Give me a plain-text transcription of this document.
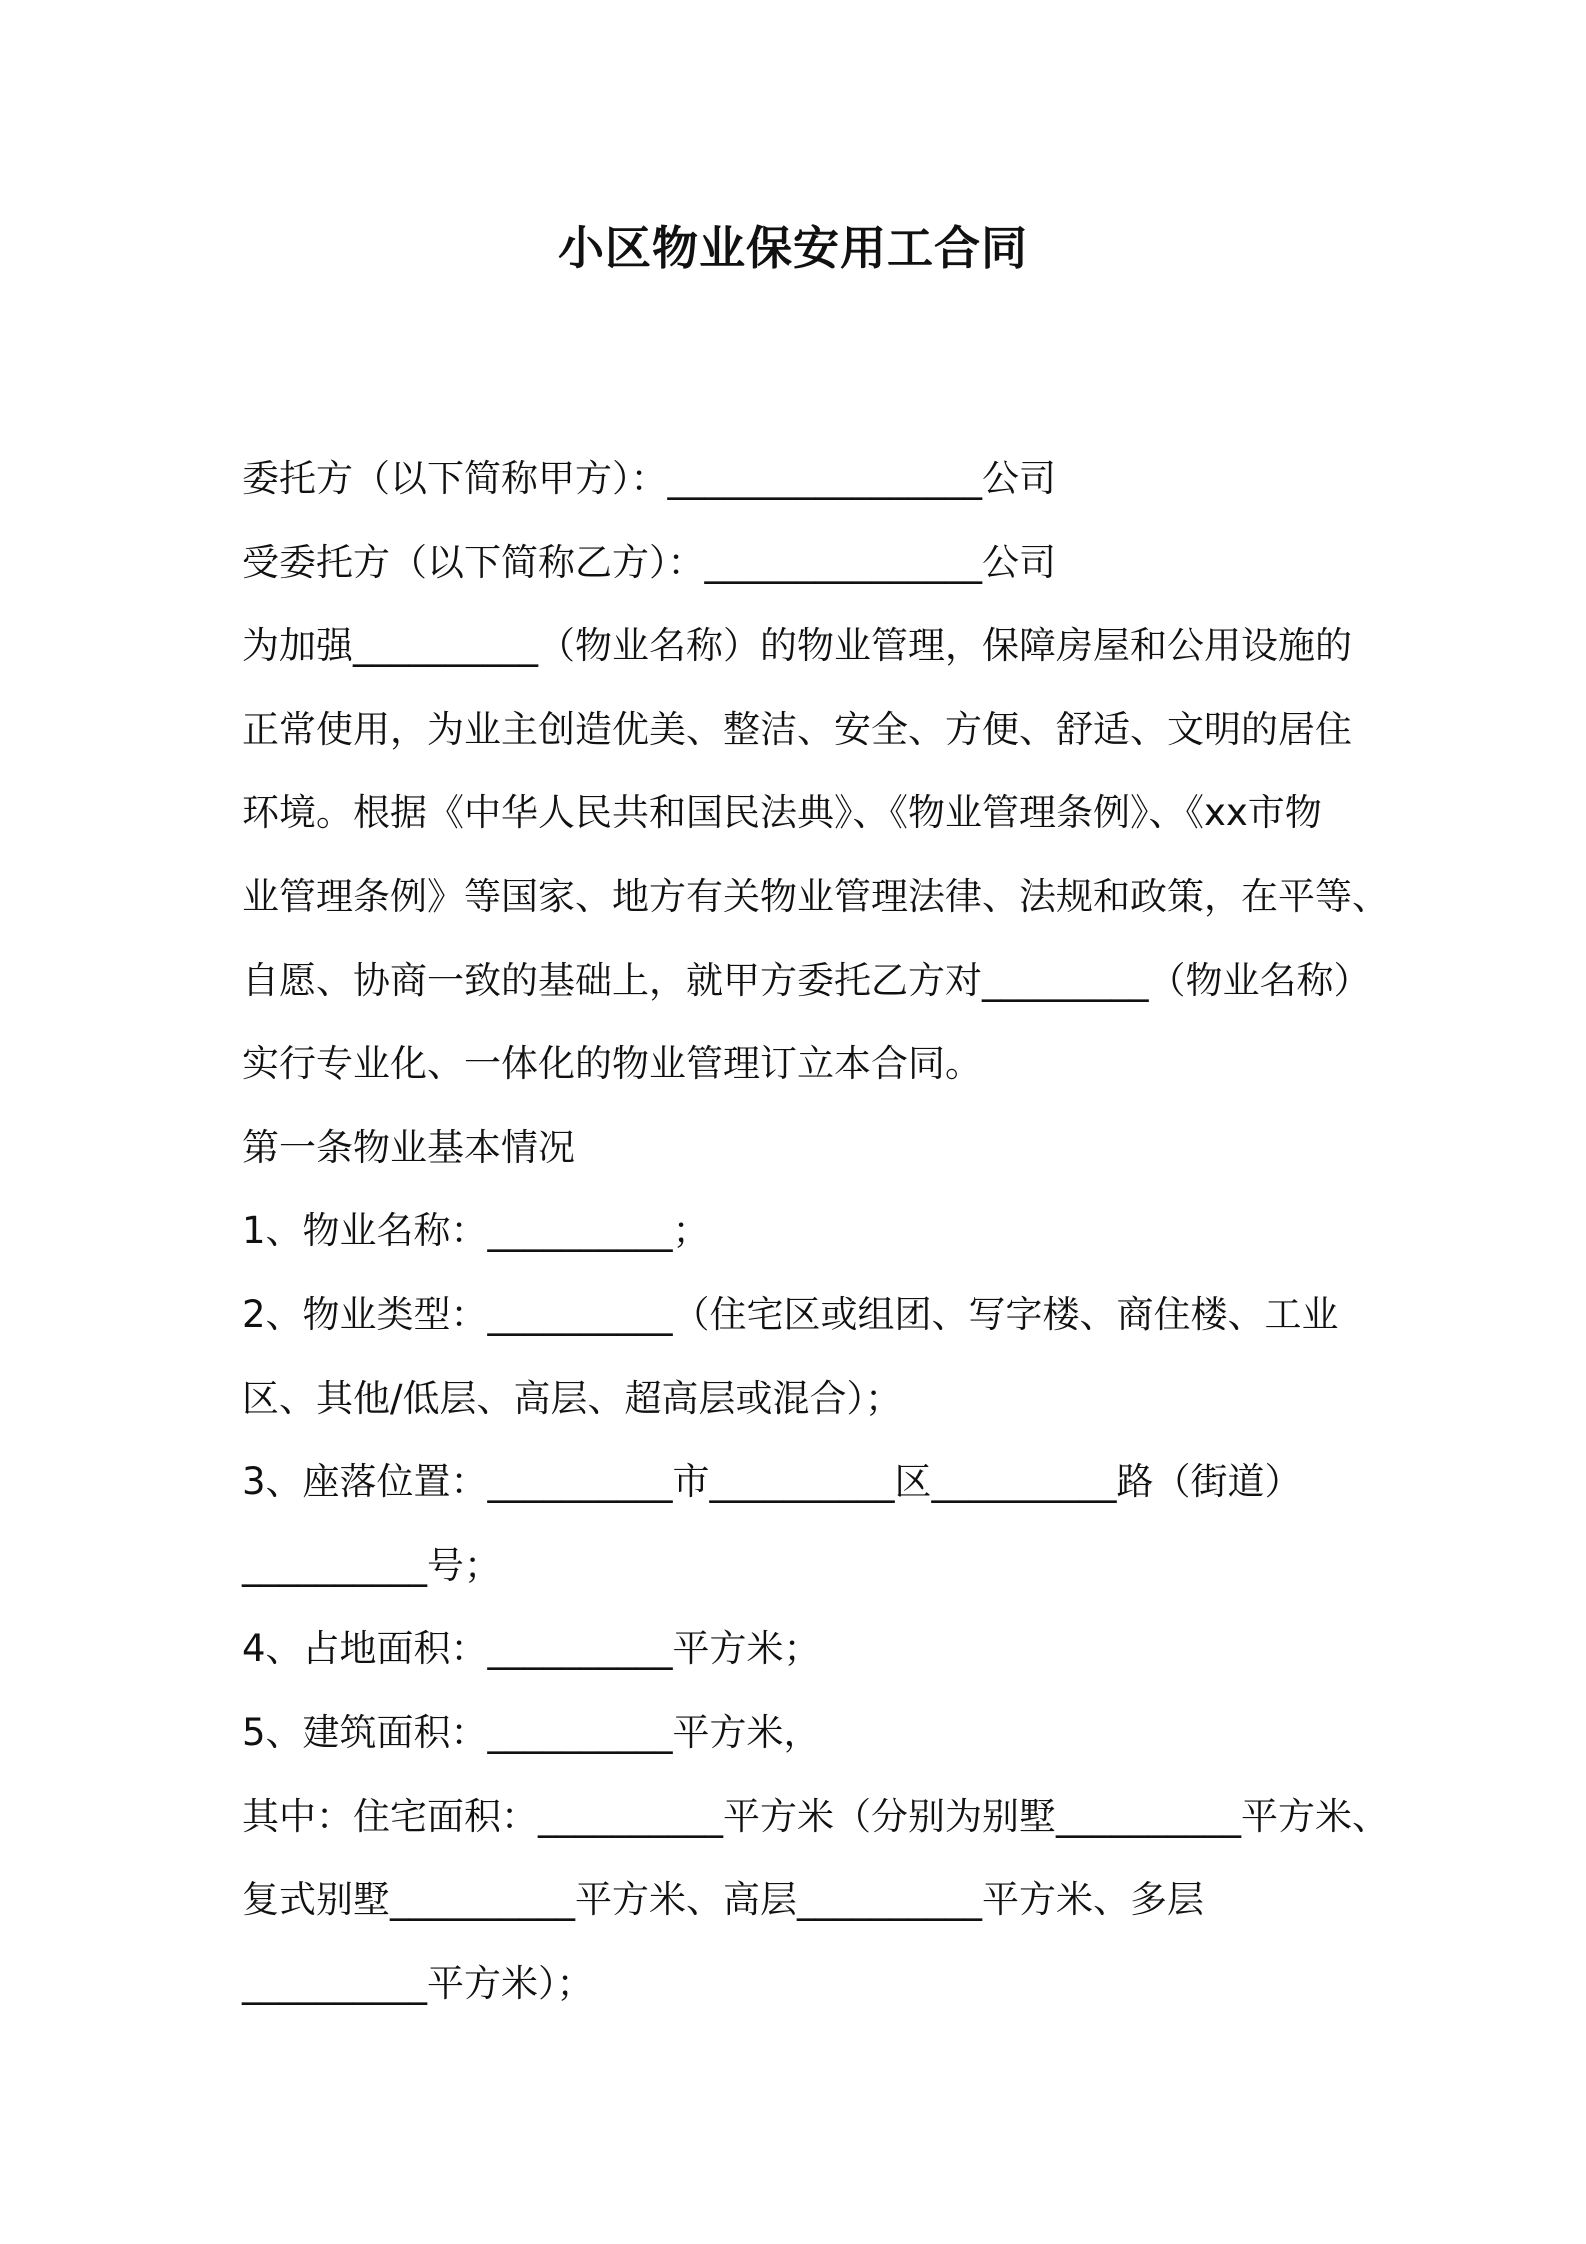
小区物业保安用工合同

委托方（以下简称甲方）：_________________公司

受委托方（以下简称乙方）：_______________公司

为加强__________（物业名称）的物业管理，保障房屋和公用设施的

正常使用，为业主创造优美、整洁、安全、方便、舒适、文明的居住

环境。根据《中华人民共和国民法典》、《物业管理条例》、《xx市物

业管理条例》等国家、地方有关物业管理法律、法规和政策，在平等、

自愿、协商一致的基础上，就甲方委托乙方对_________（物业名称）

实行专业化、一体化的物业管理订立本合同。

第一条物业基本情况

1、物业名称：__________；

2、物业类型：__________（住宅区或组团、写字楼、商住楼、工业

区、其他/低层、高层、超高层或混合）；

3、座落位置：__________市__________区__________路（街道）

__________号；

4、占地面积：__________平方米；

5、建筑面积：__________平方米，

其中：住宅面积：__________平方米（分别为别墅__________平方米、

复式别墅__________平方米、高层__________平方米、多层

__________平方米）；
